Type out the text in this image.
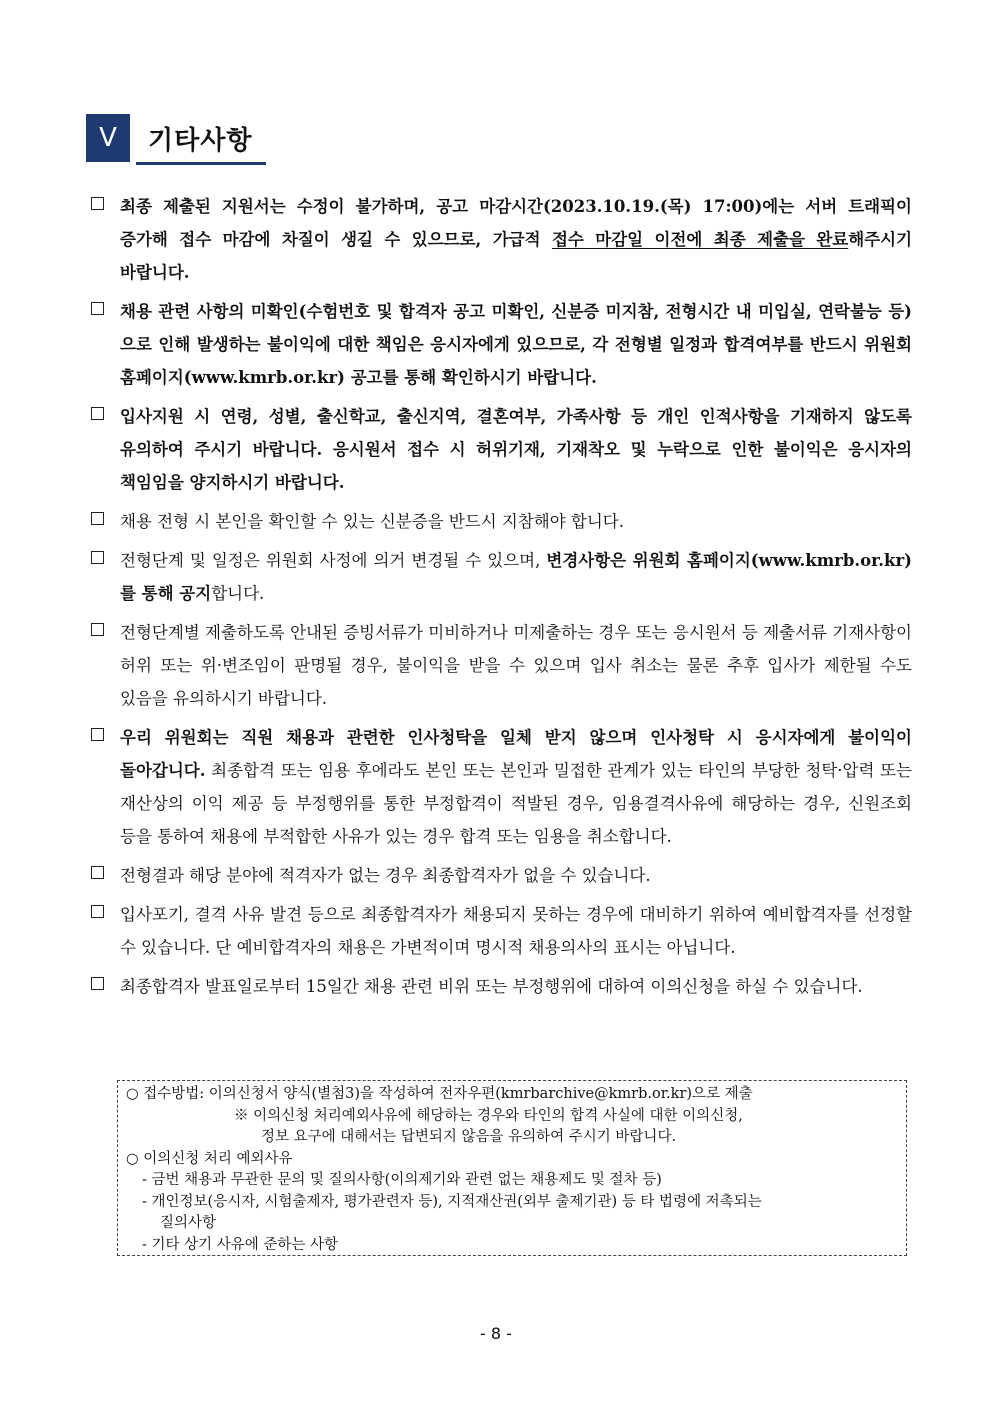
Ⅴ	기타사항

최종 제출된 지원서는 수정이 불가하며, 공고 마감시간(2023.10.19.(목) 17:00)에는 서버 트래픽이 증가해 접수 마감에 차질이 생길 수 있으므로, 가급적 접수 마감일 이전에 최종 제출을 완료해주시기 바랍니다.

채용 관련 사항의 미확인(수험번호 및 합격자 공고 미확인, 신분증 미지참, 전형시간 내 미입실, 연락불능 등)으로 인해 발생하는 불이익에 대한 책임은 응시자에게 있으므로, 각 전형별 일정과 합격여부를 반드시 위원회 홈페이지(www.kmrb.or.kr) 공고를 통해 확인하시기 바랍니다.

입사지원 시 연령, 성별, 출신학교, 출신지역, 결혼여부, 가족사항 등 개인 인적사항을 기재하지 않도록 유의하여 주시기 바랍니다. 응시원서 접수 시 허위기재, 기재착오 및 누락으로 인한 불이익은 응시자의 책임임을 양지하시기 바랍니다.

채용 전형 시 본인을 확인할 수 있는 신분증을 반드시 지참해야 합니다.

전형단계 및 일정은 위원회 사정에 의거 변경될 수 있으며, 변경사항은 위원회 홈페이지(www.kmrb.or.kr)를 통해 공지합니다.

전형단계별 제출하도록 안내된 증빙서류가 미비하거나 미제출하는 경우 또는 응시원서 등 제출서류 기재사항이 허위 또는 위·변조임이 판명될 경우, 불이익을 받을 수 있으며 입사 취소는 물론 추후 입사가 제한될 수도 있음을 유의하시기 바랍니다.

우리 위원회는 직원 채용과 관련한 인사청탁을 일체 받지 않으며 인사청탁 시 응시자에게 불이익이 돌아갑니다. 최종합격 또는 임용 후에라도 본인 또는 본인과 밀접한 관계가 있는 타인의 부당한 청탁·압력 또는 재산상의 이익 제공 등 부정행위를 통한 부정합격이 적발된 경우, 임용결격사유에 해당하는 경우, 신원조회 등을 통하여 채용에 부적합한 사유가 있는 경우 합격 또는 임용을 취소합니다.

전형결과 해당 분야에 적격자가 없는 경우 최종합격자가 없을 수 있습니다.

입사포기, 결격 사유 발견 등으로 최종합격자가 채용되지 못하는 경우에 대비하기 위하여 예비합격자를 선정할 수 있습니다. 단 예비합격자의 채용은 가변적이며 명시적 채용의사의 표시는 아닙니다.

최종합격자 발표일로부터 15일간 채용 관련 비위 또는 부정행위에 대하여 이의신청을 하실 수 있습니다.

○ 접수방법: 이의신청서 양식(별첨3)을 작성하여 전자우편(kmrbarchive@kmrb.or.kr)으로 제출
※ 이의신청 처리예외사유에 해당하는 경우와 타인의 합격 사실에 대한 이의신청,
정보 요구에 대해서는 답변되지 않음을 유의하여 주시기 바랍니다.
○ 이의신청 처리 예외사유
- 금번 채용과 무관한 문의 및 질의사항(이의제기와 관련 없는 채용제도 및 절차 등)
- 개인정보(응시자, 시험출제자, 평가관련자 등), 지적재산권(외부 출제기관) 등 타 법령에 저촉되는
질의사항
- 기타 상기 사유에 준하는 사항
- 8 -
